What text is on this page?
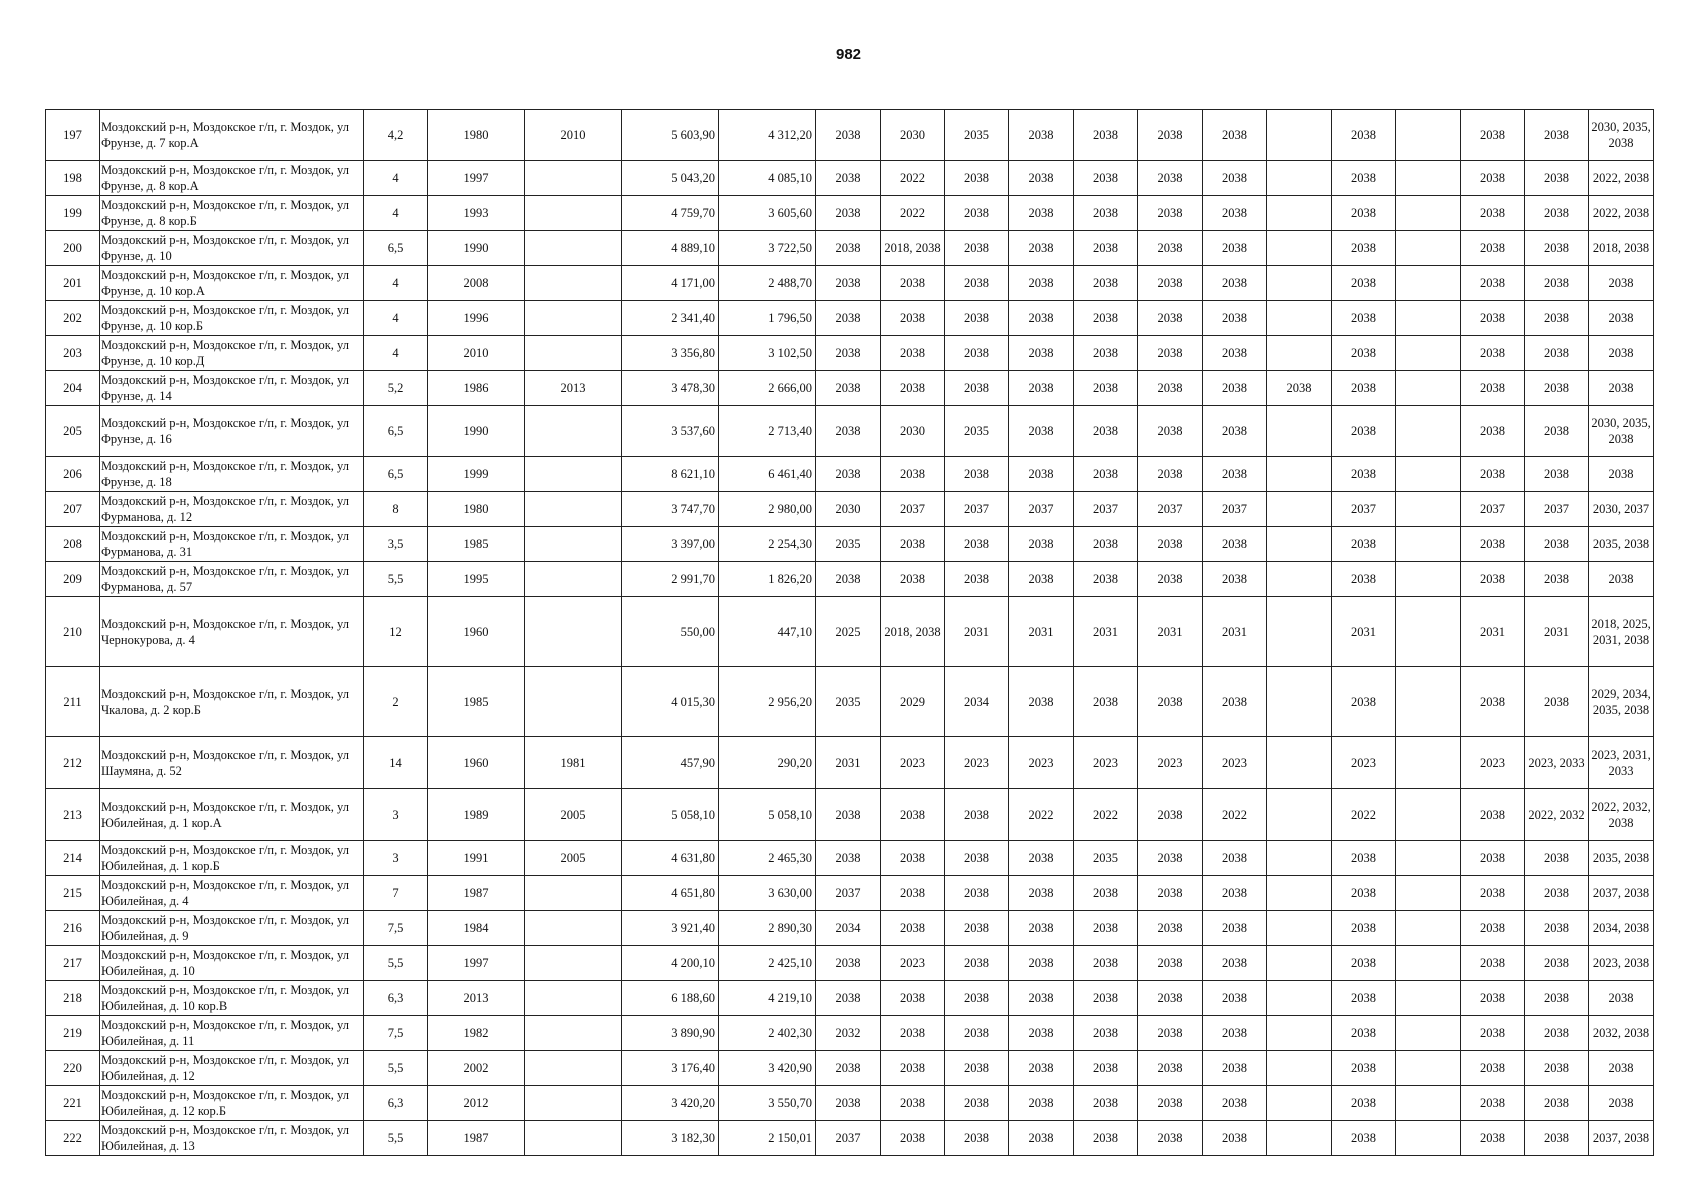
982
197	Моздокский р-н, Моздокское г/п, г. Моздок, ул Фрунзе, д. 7 кор.А	4,2	1980	2010	5 603,90	4 312,20	2038	2030	2035	2038	2038	2038	2038		2038		2038	2038	2030, 2035, 2038
198	Моздокский р-н, Моздокское г/п, г. Моздок, ул Фрунзе, д. 8 кор.А	4	1997		5 043,20	4 085,10	2038	2022	2038	2038	2038	2038	2038		2038		2038	2038	2022, 2038
199	Моздокский р-н, Моздокское г/п, г. Моздок, ул Фрунзе, д. 8 кор.Б	4	1993		4 759,70	3 605,60	2038	2022	2038	2038	2038	2038	2038		2038		2038	2038	2022, 2038
200	Моздокский р-н, Моздокское г/п, г. Моздок, ул Фрунзе, д. 10	6,5	1990		4 889,10	3 722,50	2038	2018, 2038	2038	2038	2038	2038	2038		2038		2038	2038	2018, 2038
201	Моздокский р-н, Моздокское г/п, г. Моздок, ул Фрунзе, д. 10 кор.А	4	2008		4 171,00	2 488,70	2038	2038	2038	2038	2038	2038	2038		2038		2038	2038	2038
202	Моздокский р-н, Моздокское г/п, г. Моздок, ул Фрунзе, д. 10 кор.Б	4	1996		2 341,40	1 796,50	2038	2038	2038	2038	2038	2038	2038		2038		2038	2038	2038
203	Моздокский р-н, Моздокское г/п, г. Моздок, ул Фрунзе, д. 10 кор.Д	4	2010		3 356,80	3 102,50	2038	2038	2038	2038	2038	2038	2038		2038		2038	2038	2038
204	Моздокский р-н, Моздокское г/п, г. Моздок, ул Фрунзе, д. 14	5,2	1986	2013	3 478,30	2 666,00	2038	2038	2038	2038	2038	2038	2038	2038	2038		2038	2038	2038
205	Моздокский р-н, Моздокское г/п, г. Моздок, ул Фрунзе, д. 16	6,5	1990		3 537,60	2 713,40	2038	2030	2035	2038	2038	2038	2038		2038		2038	2038	2030, 2035, 2038
206	Моздокский р-н, Моздокское г/п, г. Моздок, ул Фрунзе, д. 18	6,5	1999		8 621,10	6 461,40	2038	2038	2038	2038	2038	2038	2038		2038		2038	2038	2038
207	Моздокский р-н, Моздокское г/п, г. Моздок, ул Фурманова, д. 12	8	1980		3 747,70	2 980,00	2030	2037	2037	2037	2037	2037	2037		2037		2037	2037	2030, 2037
208	Моздокский р-н, Моздокское г/п, г. Моздок, ул Фурманова, д. 31	3,5	1985		3 397,00	2 254,30	2035	2038	2038	2038	2038	2038	2038		2038		2038	2038	2035, 2038
209	Моздокский р-н, Моздокское г/п, г. Моздок, ул Фурманова, д. 57	5,5	1995		2 991,70	1 826,20	2038	2038	2038	2038	2038	2038	2038		2038		2038	2038	2038
210	Моздокский р-н, Моздокское г/п, г. Моздок, ул Чернокурова, д. 4	12	1960		550,00	447,10	2025	2018, 2038	2031	2031	2031	2031	2031		2031		2031	2031	2018, 2025, 2031, 2038
211	Моздокский р-н, Моздокское г/п, г. Моздок, ул Чкалова, д. 2 кор.Б	2	1985		4 015,30	2 956,20	2035	2029	2034	2038	2038	2038	2038		2038		2038	2038	2029, 2034, 2035, 2038
212	Моздокский р-н, Моздокское г/п, г. Моздок, ул Шаумяна, д. 52	14	1960	1981	457,90	290,20	2031	2023	2023	2023	2023	2023	2023		2023		2023	2023, 2033	2023, 2031, 2033
213	Моздокский р-н, Моздокское г/п, г. Моздок, ул Юбилейная, д. 1 кор.А	3	1989	2005	5 058,10	5 058,10	2038	2038	2038	2022	2022	2038	2022		2022		2038	2022, 2032	2022, 2032, 2038
214	Моздокский р-н, Моздокское г/п, г. Моздок, ул Юбилейная, д. 1 кор.Б	3	1991	2005	4 631,80	2 465,30	2038	2038	2038	2038	2035	2038	2038		2038		2038	2038	2035, 2038
215	Моздокский р-н, Моздокское г/п, г. Моздок, ул Юбилейная, д. 4	7	1987		4 651,80	3 630,00	2037	2038	2038	2038	2038	2038	2038		2038		2038	2038	2037, 2038
216	Моздокский р-н, Моздокское г/п, г. Моздок, ул Юбилейная, д. 9	7,5	1984		3 921,40	2 890,30	2034	2038	2038	2038	2038	2038	2038		2038		2038	2038	2034, 2038
217	Моздокский р-н, Моздокское г/п, г. Моздок, ул Юбилейная, д. 10	5,5	1997		4 200,10	2 425,10	2038	2023	2038	2038	2038	2038	2038		2038		2038	2038	2023, 2038
218	Моздокский р-н, Моздокское г/п, г. Моздок, ул Юбилейная, д. 10 кор.В	6,3	2013		6 188,60	4 219,10	2038	2038	2038	2038	2038	2038	2038		2038		2038	2038	2038
219	Моздокский р-н, Моздокское г/п, г. Моздок, ул Юбилейная, д. 11	7,5	1982		3 890,90	2 402,30	2032	2038	2038	2038	2038	2038	2038		2038		2038	2038	2032, 2038
220	Моздокский р-н, Моздокское г/п, г. Моздок, ул Юбилейная, д. 12	5,5	2002		3 176,40	3 420,90	2038	2038	2038	2038	2038	2038	2038		2038		2038	2038	2038
221	Моздокский р-н, Моздокское г/п, г. Моздок, ул Юбилейная, д. 12 кор.Б	6,3	2012		3 420,20	3 550,70	2038	2038	2038	2038	2038	2038	2038		2038		2038	2038	2038
222	Моздокский р-н, Моздокское г/п, г. Моздок, ул Юбилейная, д. 13	5,5	1987		3 182,30	2 150,01	2037	2038	2038	2038	2038	2038	2038		2038		2038	2038	2037, 2038
